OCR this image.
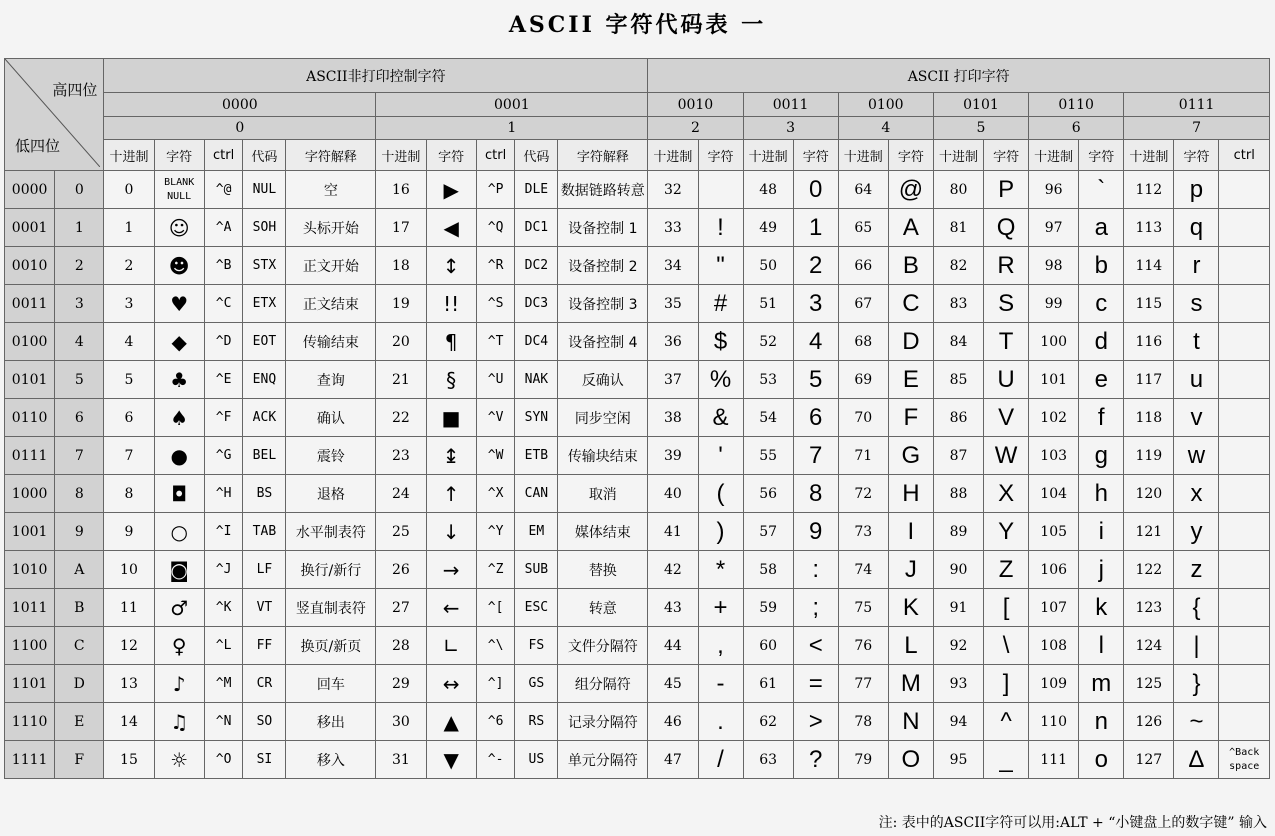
ASCII 字符代码表 一
高四位
低四位		ASCII非打印控制字符										ASCII 打印字符												
		0000					0001					0010		0011		0100		0101		0110		0111		
		0					1					2		3		4		5		6		7		
		十进制	字符	ctrl	代码	字符解释	十进制	字符	ctrl	代码	字符解释	十进制	字符	十进制	字符	十进制	字符	十进制	字符	十进制	字符	十进制	字符	ctrl
0000	0	0	BLANK NULL	^@	NUL	空	16	▶	^P	DLE	数据链路转意	32		48	0	64	@	80	P	96	`	112	p	
0001	1	1	☺	^A	SOH	头标开始	17	◀	^Q	DC1	设备控制 1	33	!	49	1	65	A	81	Q	97	a	113	q	
0010	2	2	☻	^B	STX	正文开始	18	↕	^R	DC2	设备控制 2	34	"	50	2	66	B	82	R	98	b	114	r	
0011	3	3	♥	^C	ETX	正文结束	19	!!	^S	DC3	设备控制 3	35	#	51	3	67	C	83	S	99	c	115	s	
0100	4	4	◆	^D	EOT	传输结束	20	¶	^T	DC4	设备控制 4	36	$	52	4	68	D	84	T	100	d	116	t	
0101	5	5	♣	^E	ENQ	查询	21	§	^U	NAK	反确认	37	%	53	5	69	E	85	U	101	e	117	u	
0110	6	6	♠	^F	ACK	确认	22	■	^V	SYN	同步空闲	38	&	54	6	70	F	86	V	102	f	118	v	
0111	7	7	●	^G	BEL	震铃	23	↨	^W	ETB	传输块结束	39	'	55	7	71	G	87	W	103	g	119	w	
1000	8	8	◘	^H	BS	退格	24	↑	^X	CAN	取消	40	(	56	8	72	H	88	X	104	h	120	x	
1001	9	9	○	^I	TAB	水平制表符	25	↓	^Y	EM	媒体结束	41	)	57	9	73	I	89	Y	105	i	121	y	
1010	A	10	◙	^J	LF	换行/新行	26	→	^Z	SUB	替换	42	*	58	:	74	J	90	Z	106	j	122	z	
1011	B	11	♂	^K	VT	竖直制表符	27	←	^[	ESC	转意	43	+	59	;	75	K	91	[	107	k	123	{	
1100	C	12	♀	^L	FF	换页/新页	28	∟	^\	FS	文件分隔符	44	,	60	<	76	L	92	\	108	l	124	|	
1101	D	13	♪	^M	CR	回车	29	↔	^]	GS	组分隔符	45	-	61	=	77	M	93	]	109	m	125	}	
1110	E	14	♫	^N	SO	移出	30	▲	^6	RS	记录分隔符	46	.	62	>	78	N	94	^	110	n	126	~	
1111	F	15	☼	^O	SI	移入	31	▼	^-	US	单元分隔符	47	/	63	?	79	O	95	_	111	o	127	Δ	^Back space
注: 表中的ASCII字符可以用:ALT + “小键盘上的数字键” 输入
